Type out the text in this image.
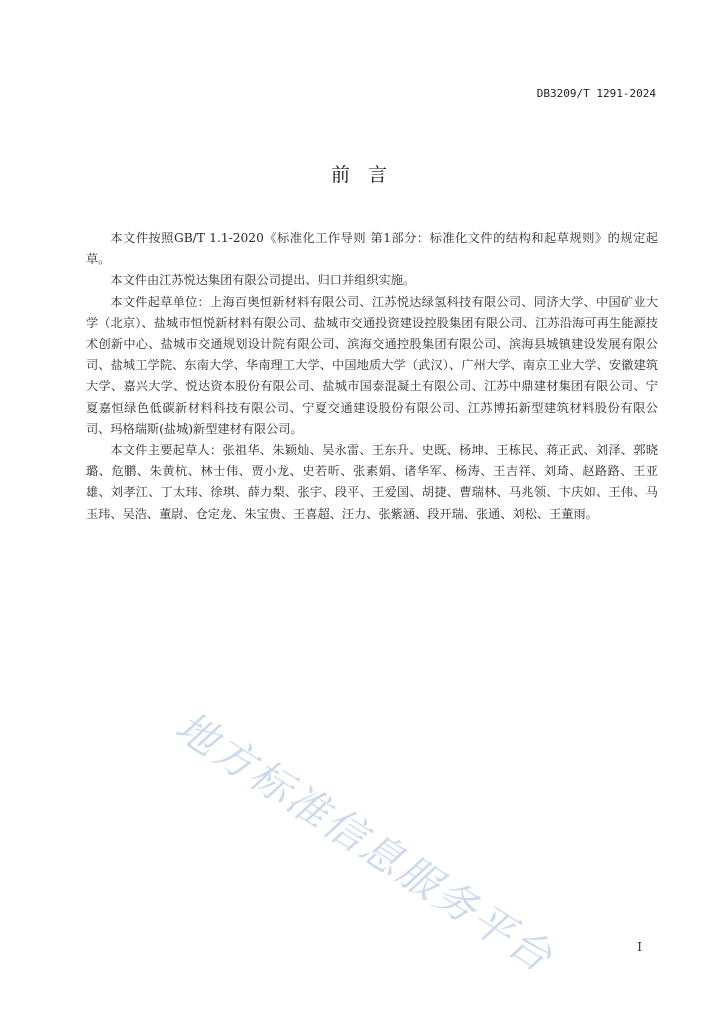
DB3209/T 1291-2024
前 言

本文件按照GB/T 1.1-2020《标准化工作导则 第1部分：标准化文件的结构和起草规则》的规定起草。

本文件由江苏悦达集团有限公司提出、归口并组织实施。

本文件起草单位：上海百奥恒新材料有限公司、江苏悦达绿氢科技有限公司、同济大学、中国矿业大学（北京）、盐城市恒悦新材料有限公司、盐城市交通投资建设控股集团有限公司、江苏沿海可再生能源技术创新中心、盐城市交通规划设计院有限公司、滨海交通控股集团有限公司、滨海县城镇建设发展有限公司、盐城工学院、东南大学、华南理工大学、中国地质大学（武汉）、广州大学、南京工业大学、安徽建筑大学、嘉兴大学、悦达资本股份有限公司、盐城市国泰混凝土有限公司、江苏中鼎建材集团有限公司、宁夏嘉恒绿色低碳新材料科技有限公司、宁夏交通建设股份有限公司、江苏博拓新型建筑材料股份有限公司、玛格瑞斯(盐城)新型建材有限公司。

本文件主要起草人：张祖华、朱颖灿、吴永雷、王东升、史既、杨坤、王栋民、蒋正武、刘泽、郭晓璐、危鹏、朱黄杭、林士伟、贾小龙、史若昕、张素娟、诸华军、杨涛、王吉祥、刘琦、赵路路、王亚雄、刘孝江、丁太玮、徐琪、薛力梨、张宇、段平、王爱国、胡捷、曹瑞林、马兆领、卞庆如、王伟、马玉玮、吴浩、董尉、仓定龙、朱宝贵、王喜超、汪力、张紫涵、段开瑞、张通、刘松、王董雨。

地方标准信息服务平台	I
